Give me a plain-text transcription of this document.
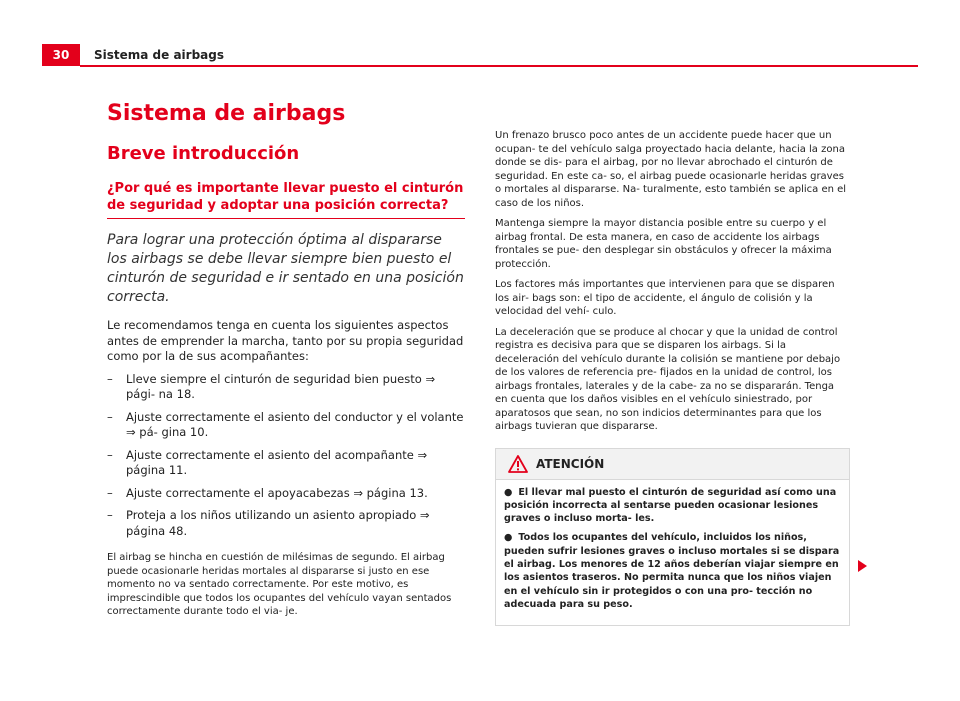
30	Sistema de airbags
Sistema de airbags
Breve introducción
¿Por qué es importante llevar puesto el cinturón de seguridad y adoptar una posición correcta?

Para lograr una protección óptima al dispararse los airbags se debe llevar siempre bien puesto el cinturón de seguridad e ir sentado en una posición correcta.

Le recomendamos tenga en cuenta los siguientes aspectos antes de emprender la marcha, tanto por su propia seguridad como por la de sus acompañantes:

– Lleve siempre el cinturón de seguridad bien puesto ⇒ pági‑ na 18.
– Ajuste correctamente el asiento del conductor y el volante ⇒ pá‑ gina 10.
– Ajuste correctamente el asiento del acompañante ⇒ página 11.
– Ajuste correctamente el apoyacabezas ⇒ página 13.
– Proteja a los niños utilizando un asiento apropiado ⇒ página 48.

El airbag se hincha en cuestión de milésimas de segundo. El airbag puede ocasionarle heridas mortales al dispararse si justo en ese momento no va sentado correctamente. Por este motivo, es imprescindible que todos los ocupantes del vehículo vayan sentados correctamente durante todo el via‑ je.

Un frenazo brusco poco antes de un accidente puede hacer que un ocupan‑ te del vehículo salga proyectado hacia delante, hacia la zona donde se dis‑ para el airbag, por no llevar abrochado el cinturón de seguridad. En este ca‑ so, el airbag puede ocasionarle heridas graves o mortales al dispararse. Na‑ turalmente, esto también se aplica en el caso de los niños.

Mantenga siempre la mayor distancia posible entre su cuerpo y el airbag frontal. De esta manera, en caso de accidente los airbags frontales se pue‑ den desplegar sin obstáculos y ofrecer la máxima protección.

Los factores más importantes que intervienen para que se disparen los air‑ bags son: el tipo de accidente, el ángulo de colisión y la velocidad del vehí‑ culo.

La deceleración que se produce al chocar y que la unidad de control registra es decisiva para que se disparen los airbags. Si la deceleración del vehículo durante la colisión se mantiene por debajo de los valores de referencia pre‑ fijados en la unidad de control, los airbags frontales, laterales y de la cabe‑ za no se dispararán. Tenga en cuenta que los daños visibles en el vehículo siniestrado, por aparatosos que sean, no son indicios determinantes para que los airbags tuvieran que dispararse.

ATENCIÓN

● El llevar mal puesto el cinturón de seguridad así como una posición incorrecta al sentarse pueden ocasionar lesiones graves o incluso morta‑ les.

● Todos los ocupantes del vehículo, incluidos los niños, pueden sufrir lesiones graves o incluso mortales si se dispara el airbag. Los menores de 12 años deberían viajar siempre en los asientos traseros. No permita nunca que los niños viajen en el vehículo sin ir protegidos o con una pro‑ tección no adecuada para su peso.
